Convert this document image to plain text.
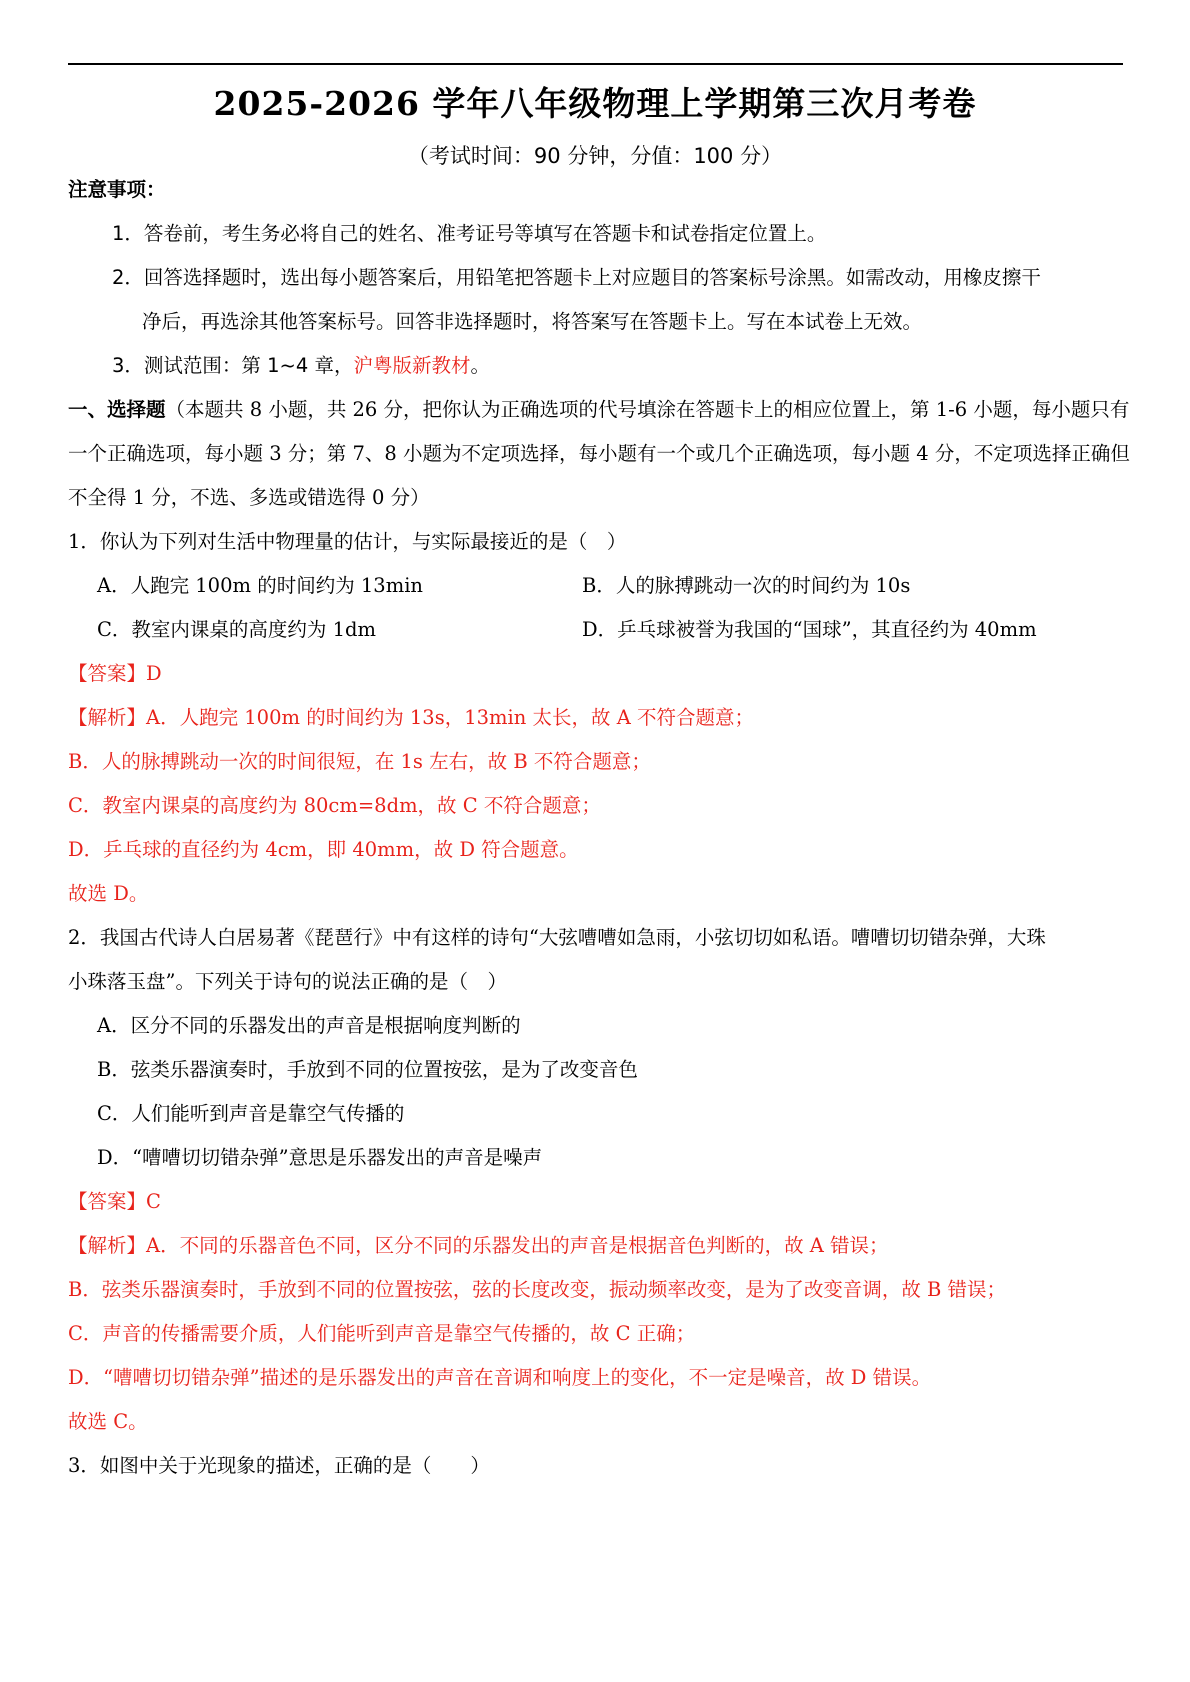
2025-2026 学年八年级物理上学期第三次月考卷
（考试时间：90 分钟，分值：100 分）
注意事项：
1．答卷前，考生务必将自己的姓名、准考证号等填写在答题卡和试卷指定位置上。
2．回答选择题时，选出每小题答案后，用铅笔把答题卡上对应题目的答案标号涂黑。如需改动，用橡皮擦干
净后，再选涂其他答案标号。回答非选择题时，将答案写在答题卡上。写在本试卷上无效。
3．测试范围：第 1~4 章，沪粤版新教材。
一、选择题（本题共 8 小题，共 26 分，把你认为正确选项的代号填涂在答题卡上的相应位置上，第 1-6 小题，每小题只有
一个正确选项，每小题 3 分；第 7、8 小题为不定项选择，每小题有一个或几个正确选项，每小题 4 分，不定项选择正确但
不全得 1 分，不选、多选或错选得 0 分）
1．你认为下列对生活中物理量的估计，与实际最接近的是（　）
A．人跑完 100m 的时间约为 13min	B．人的脉搏跳动一次的时间约为 10s
C．教室内课桌的高度约为 1dm	D．乒乓球被誉为我国的“国球”，其直径约为 40mm
【答案】D
【解析】A．人跑完 100m 的时间约为 13s，13min 太长，故 A 不符合题意；
B．人的脉搏跳动一次的时间很短，在 1s 左右，故 B 不符合题意；
C．教室内课桌的高度约为 80cm=8dm，故 C 不符合题意；
D．乒乓球的直径约为 4cm，即 40mm，故 D 符合题意。
故选 D。
2．我国古代诗人白居易著《琵琶行》中有这样的诗句“大弦嘈嘈如急雨，小弦切切如私语。嘈嘈切切错杂弹，大珠
小珠落玉盘”。下列关于诗句的说法正确的是（　）
A．区分不同的乐器发出的声音是根据响度判断的
B．弦类乐器演奏时，手放到不同的位置按弦，是为了改变音色
C．人们能听到声音是靠空气传播的
D．“嘈嘈切切错杂弹”意思是乐器发出的声音是噪声
【答案】C
【解析】A．不同的乐器音色不同，区分不同的乐器发出的声音是根据音色判断的，故 A 错误；
B．弦类乐器演奏时，手放到不同的位置按弦，弦的长度改变，振动频率改变，是为了改变音调，故 B 错误；
C．声音的传播需要介质，人们能听到声音是靠空气传播的，故 C 正确；
D．“嘈嘈切切错杂弹”描述的是乐器发出的声音在音调和响度上的变化，不一定是噪音，故 D 错误。
故选 C。
3．如图中关于光现象的描述，正确的是（　　）
